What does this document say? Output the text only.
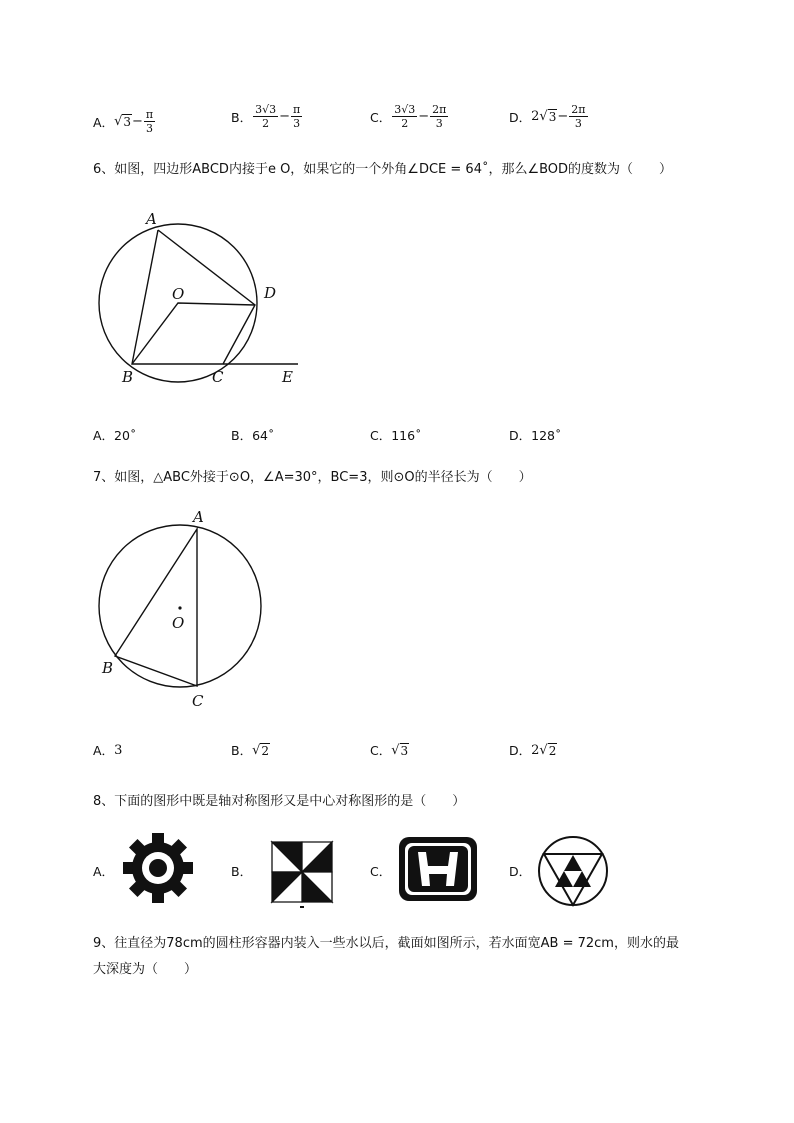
A． √ $3 - \frac{\pi}{3}$	B． $\frac{3√3}{2} - \frac{\pi}{3}$	C． $\frac{3√3}{2} - \frac{2\pi}{3}$	D． 2 √ $3 - \frac{2\pi}{3}$
6、如图，四边形ABCD内接于e O，如果它的一个外角∠DCE = 64˚，那么∠BOD的度数为（　　）
A
O	D
B	C	E
A．20˚	B．64˚	C．116˚	D．128˚
7、如图，△ABC外接于⊙O，∠A=30°，BC=3，则⊙O的半径长为（　　）
A
O
B
C
A． 3	B． √ 2	C． √ 3	D． 2 √ 2
8、下面的图形中既是轴对称图形又是中心对称图形的是（　　）
A．	B．	C．	D．
9、往直径为78cm的圆柱形容器内装入一些水以后，截面如图所示，若水面宽AB = 72cm，则水的最
大深度为（　　）
